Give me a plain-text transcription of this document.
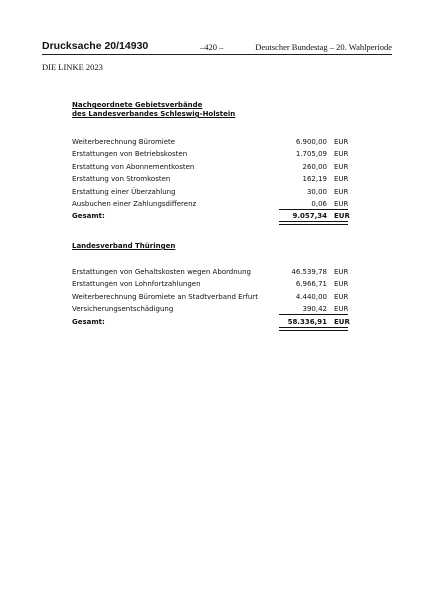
Drucksache 20/14930	–420 –	Deutscher Bundestag – 20. Wahlperiode
DIE LINKE 2023
Nachgeordnete Gebietsverbände
des Landesverbandes Schleswig-Holstein
Weiterberechnung Büromiete	6.900,00 EUR
Erstattungen von Betriebskosten	1.705,09 EUR
Erstattung von Abonnementkosten	260,00 EUR
Erstattung von Stromkosten	162,19 EUR
Erstattung einer Überzahlung	30,00 EUR
Ausbuchen einer Zahlungsdifferenz	0,06 EUR
Gesamt:	9.057,34 EUR
Landesverband Thüringen
Erstattungen von Gehaltskosten wegen Abordnung	46.539,78 EUR
Erstattungen von Lohnfortzahlungen	6.966,71 EUR
Weiterberechnung Büromiete an Stadtverband Erfurt	4.440,00 EUR
Versicherungsentschädigung	390,42 EUR
Gesamt:	58.336,91 EUR
